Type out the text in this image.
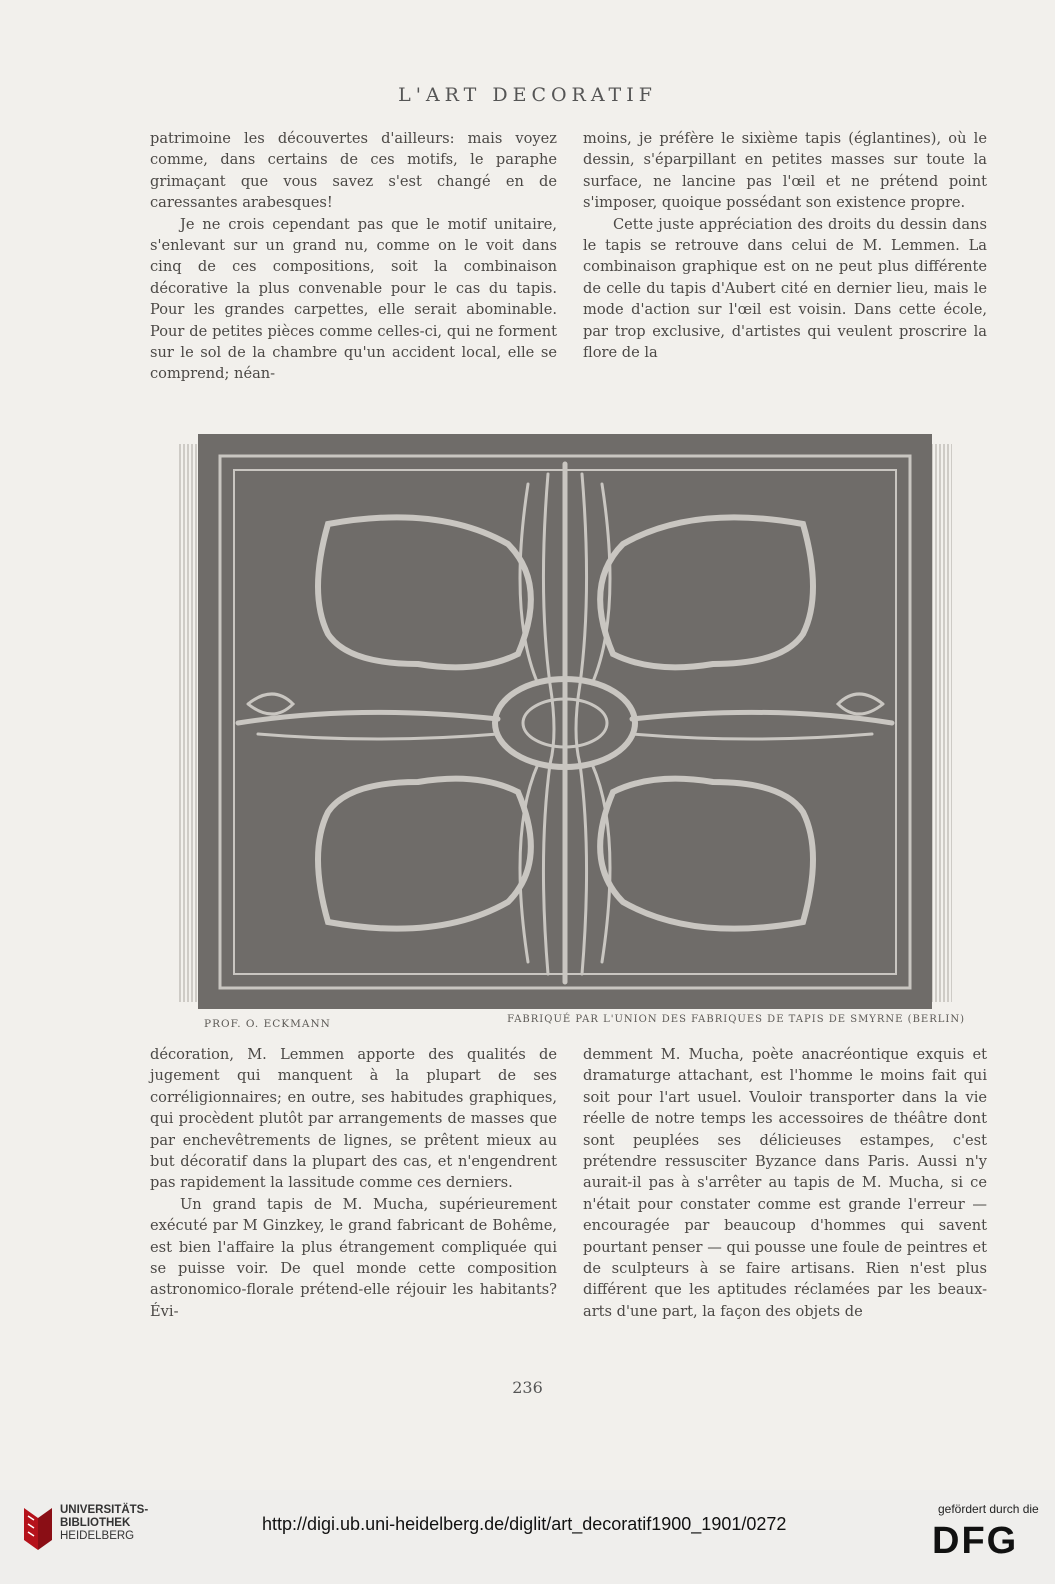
L'ART DECORATIF

patrimoine les découvertes d'ailleurs: mais voyez comme, dans certains de ces motifs, le paraphe grimaçant que vous savez s'est changé en de caressantes arabesques!

Je ne crois cependant pas que le motif unitaire, s'enlevant sur un grand nu, comme on le voit dans cinq de ces compositions, soit la combinaison décorative la plus convenable pour le cas du tapis. Pour les grandes carpettes, elle serait abominable. Pour de petites pièces comme celles-ci, qui ne forment sur le sol de la chambre qu'un accident local, elle se comprend; néan-

moins, je préfère le sixième tapis (églantines), où le dessin, s'éparpillant en petites masses sur toute la surface, ne lancine pas l'œil et ne prétend point s'imposer, quoique possédant son existence propre.

Cette juste appréciation des droits du dessin dans le tapis se retrouve dans celui de M. Lemmen. La combinaison graphique est on ne peut plus différente de celle du tapis d'Aubert cité en dernier lieu, mais le mode d'action sur l'œil est voisin. Dans cette école, par trop exclusive, d'artistes qui veulent proscrire la flore de la

PROF. O. ECKMANN	FABRIQUÉ PAR L'UNION DES FABRIQUES DE TAPIS DE SMYRNE (BERLIN)

décoration, M. Lemmen apporte des qualités de jugement qui manquent à la plupart de ses corréligionnaires; en outre, ses habitudes graphiques, qui procèdent plutôt par arrangements de masses que par enchevêtrements de lignes, se prêtent mieux au but décoratif dans la plupart des cas, et n'engendrent pas rapidement la lassitude comme ces derniers.

Un grand tapis de M. Mucha, supérieurement exécuté par M Ginzkey, le grand fabricant de Bohême, est bien l'affaire la plus étrangement compliquée qui se puisse voir. De quel monde cette composition astronomico-florale prétend-elle réjouir les habitants? Évi-

demment M. Mucha, poète anacréontique exquis et dramaturge attachant, est l'homme le moins fait qui soit pour l'art usuel. Vouloir transporter dans la vie réelle de notre temps les accessoires de théâtre dont sont peuplées ses délicieuses estampes, c'est prétendre ressusciter Byzance dans Paris. Aussi n'y aurait-il pas à s'arrêter au tapis de M. Mucha, si ce n'était pour constater comme est grande l'erreur — encouragée par beaucoup d'hommes qui savent pourtant penser — qui pousse une foule de peintres et de sculpteurs à se faire artisans. Rien n'est plus différent que les aptitudes réclamées par les beaux-arts d'une part, la façon des objets de

236
UNIVERSITÄTS-
BIBLIOTHEK
HEIDELBERG
http://digi.ub.uni-heidelberg.de/diglit/art_decoratif1900_1901/0272
gefördert durch die
DFG
